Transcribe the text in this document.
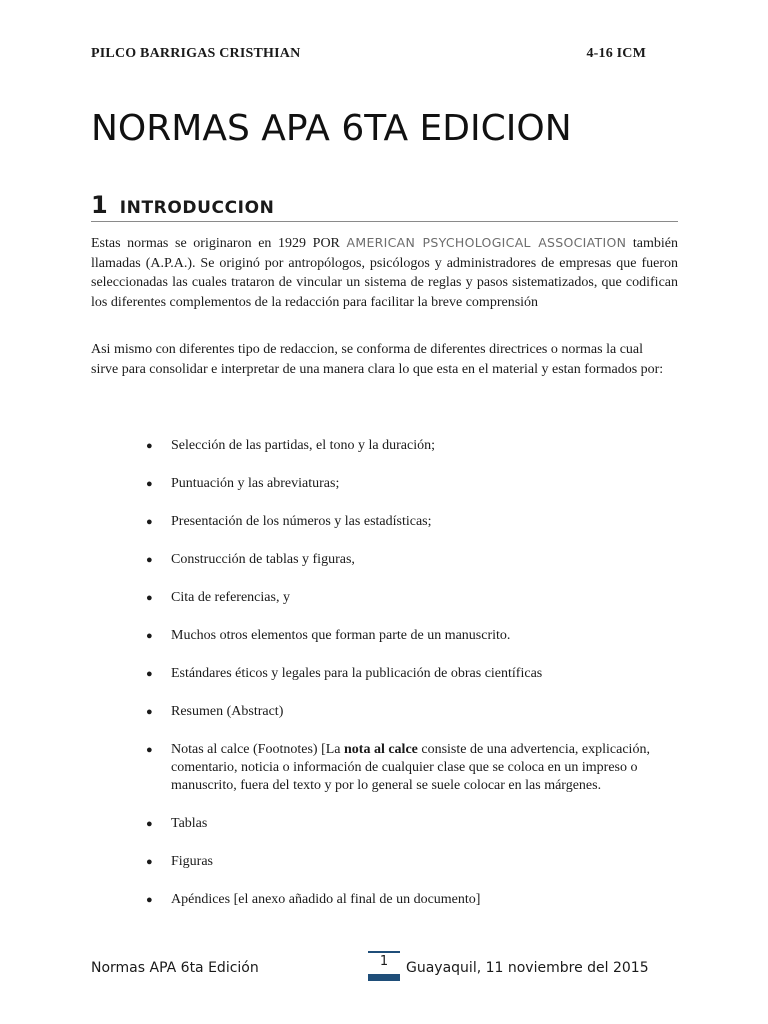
PILCO BARRIGAS CRISTHIAN	4-16 ICM
NORMAS APA 6TA EDICION
1 INTRODUCCION

Estas normas se originaron en 1929 POR AMERICAN PSYCHOLOGICAL ASSOCIATION también llamadas (A.P.A.). Se originó por antropólogos, psicólogos y administradores de empresas que fueron seleccionadas las cuales trataron de vincular un sistema de reglas y pasos sistematizados, que codifican los diferentes complementos de la redacción para facilitar la breve comprensión

Asi mismo con diferentes tipo de redaccion, se conforma de diferentes directrices o normas la cual sirve para consolidar e interpretar de una manera clara lo que esta en el material y estan formados por:

● Selección de las partidas, el tono y la duración;
● Puntuación y las abreviaturas;
● Presentación de los números y las estadísticas;
● Construcción de tablas y figuras,
● Cita de referencias, y
● Muchos otros elementos que forman parte de un manuscrito.
● Estándares éticos y legales para la publicación de obras científicas
● Resumen (Abstract)
● Notas al calce (Footnotes) [La nota al calce consiste de una advertencia, explicación, comentario, noticia o información de cualquier clase que se coloca en un impreso o manuscrito, fuera del texto y por lo general se suele colocar en las márgenes.
● Tablas
● Figuras
● Apéndices [el anexo añadido al final de un documento]
Normas APA 6ta Edición	1	Guayaquil, 11 noviembre del 2015
